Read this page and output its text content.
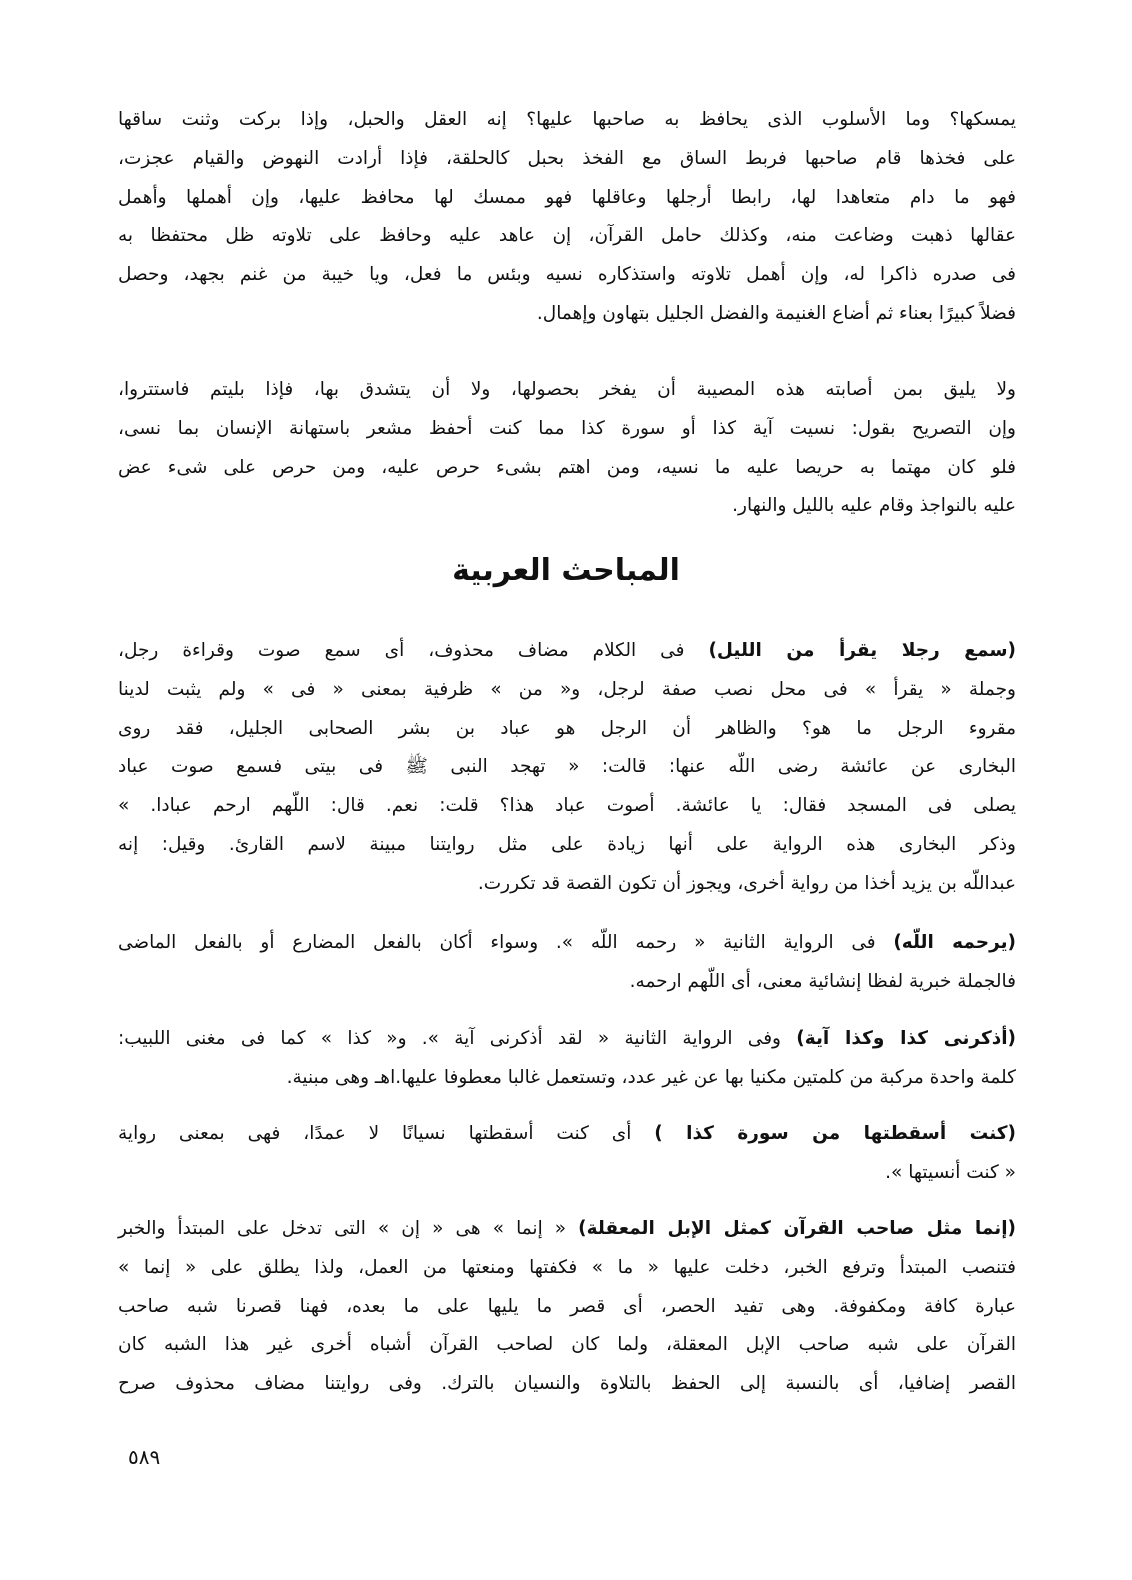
يمسكها؟ وما الأسلوب الذى يحافظ به صاحبها عليها؟ إنه العقل والحبل، وإذا بركت وثنت ساقها
على فخذها قام صاحبها فربط الساق مع الفخذ بحبل كالحلقة، فإذا أرادت النهوض والقيام عجزت،
فهو ما دام متعاهدا لها، رابطا أرجلها وعاقلها فهو ممسك لها محافظ عليها، وإن أهملها وأهمل
عقالها ذهبت وضاعت منه، وكذلك حامل القرآن، إن عاهد عليه وحافظ على تلاوته ظل محتفظا به
فى صدره ذاكرا له، وإن أهمل تلاوته واستذكاره نسيه وبئس ما فعل، ويا خيبة من غنم بجهد، وحصل
فضلاً كبيرًا بعناء ثم أضاع الغنيمة والفضل الجليل بتهاون وإهمال.
ولا يليق بمن أصابته هذه المصيبة أن يفخر بحصولها، ولا أن يتشدق بها، فإذا بليتم فاستتروا،
وإن التصريح بقول: نسيت آية كذا أو سورة كذا مما كنت أحفظ مشعر باستهانة الإنسان بما نسى،
فلو كان مهتما به حريصا عليه ما نسيه، ومن اهتم بشىء حرص عليه، ومن حرص على شىء عض
عليه بالنواجذ وقام عليه بالليل والنهار.
المباحث العربية
(سمع رجلا يقرأ من الليل) فى الكلام مضاف محذوف، أى سمع صوت وقراءة رجل،
وجملة « يقرأ » فى محل نصب صفة لرجل، و« من » ظرفية بمعنى « فى » ولم يثبت لدينا
مقروء الرجل ما هو؟ والظاهر أن الرجل هو عباد بن بشر الصحابى الجليل، فقد روى
البخارى عن عائشة رضى اللّه عنها: قالت: « تهجد النبى ﷺ فى بيتى فسمع صوت عباد
يصلى فى المسجد فقال: يا عائشة. أصوت عباد هذا؟ قلت: نعم. قال: اللّهم ارحم عبادا. »
وذكر البخارى هذه الرواية على أنها زيادة على مثل روايتنا مبينة لاسم القارئ. وقيل: إنه
عبداللّه بن يزيد أخذا من رواية أخرى، ويجوز أن تكون القصة قد تكررت.
(يرحمه اللّه) فى الرواية الثانية « رحمه اللّه ». وسواء أكان بالفعل المضارع أو بالفعل الماضى
فالجملة خبرية لفظا إنشائية معنى، أى اللّهم ارحمه.
(أذكرنى كذا وكذا آية) وفى الرواية الثانية « لقد أذكرنى آية ». و« كذا » كما فى مغنى اللبيب:
كلمة واحدة مركبة من كلمتين مكنيا بها عن غير عدد، وتستعمل غالبا معطوفا عليها.اهـ وهى مبنية.
(كنت أسقطتها من سورة كذا ) أى كنت أسقطتها نسيانًا لا عمدًا، فهى بمعنى رواية
« كنت أنسيتها ».
(إنما مثل صاحب القرآن كمثل الإبل المعقلة) « إنما » هى « إن » التى تدخل على المبتدأ والخبر
فتنصب المبتدأ وترفع الخبر، دخلت عليها « ما » فكفتها ومنعتها من العمل، ولذا يطلق على « إنما »
عبارة كافة ومكفوفة. وهى تفيد الحصر، أى قصر ما يليها على ما بعده، فهنا قصرنا شبه صاحب
القرآن على شبه صاحب الإبل المعقلة، ولما كان لصاحب القرآن أشباه أخرى غير هذا الشبه كان
القصر إضافيا، أى بالنسبة إلى الحفظ بالتلاوة والنسيان بالترك. وفى روايتنا مضاف محذوف صرح
٥٨٩
